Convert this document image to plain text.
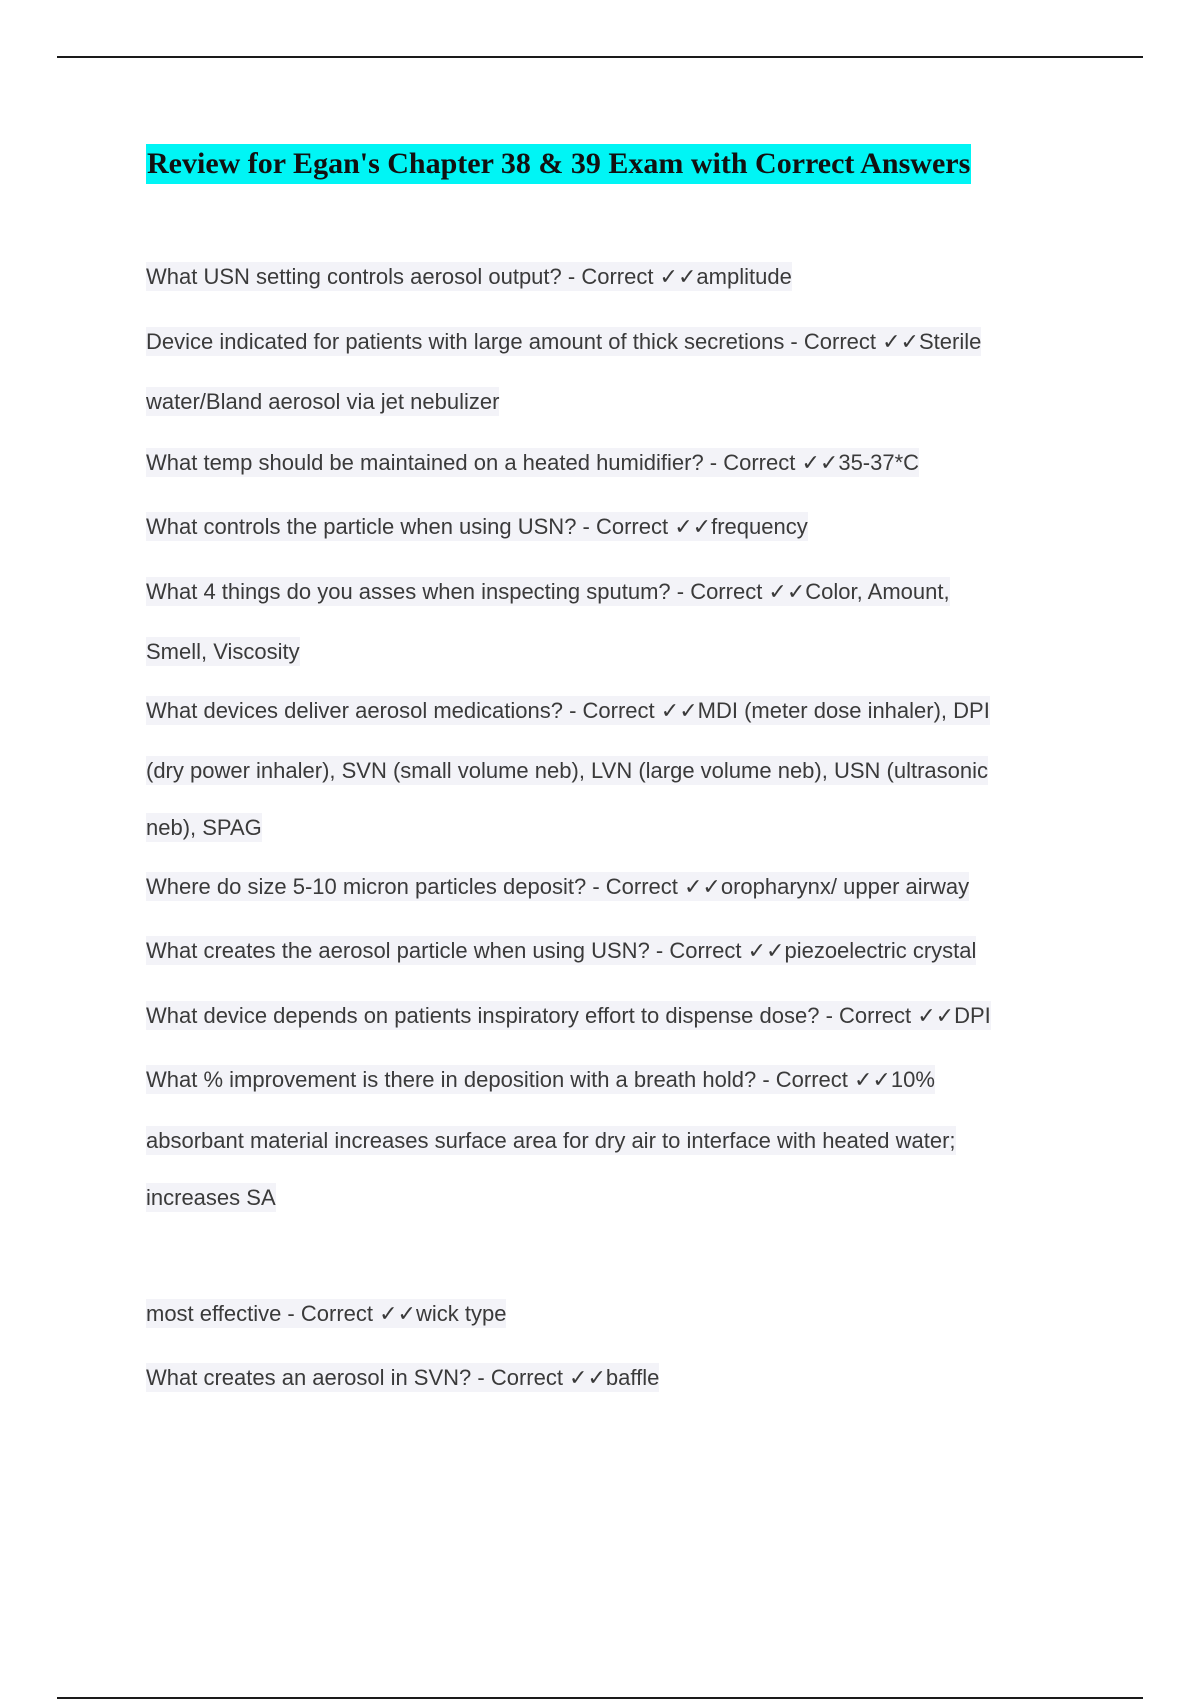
Review for Egan's Chapter 38 & 39 Exam with Correct Answers
What USN setting controls aerosol output? - Correct ✓✓amplitude
Device indicated for patients with large amount of thick secretions - Correct ✓✓Sterile
water/Bland aerosol via jet nebulizer
What temp should be maintained on a heated humidifier? - Correct ✓✓35-37*C
What controls the particle when using USN? - Correct ✓✓frequency
What 4 things do you asses when inspecting sputum? - Correct ✓✓Color, Amount,
Smell, Viscosity
What devices deliver aerosol medications? - Correct ✓✓MDI (meter dose inhaler), DPI
(dry power inhaler), SVN (small volume neb), LVN (large volume neb), USN (ultrasonic
neb), SPAG
Where do size 5-10 micron particles deposit? - Correct ✓✓oropharynx/ upper airway
What creates the aerosol particle when using USN? - Correct ✓✓piezoelectric crystal
What device depends on patients inspiratory effort to dispense dose? - Correct ✓✓DPI
What % improvement is there in deposition with a breath hold? - Correct ✓✓10%
absorbant material increases surface area for dry air to interface with heated water;
increases SA
most effective - Correct ✓✓wick type
What creates an aerosol in SVN? - Correct ✓✓baffle
